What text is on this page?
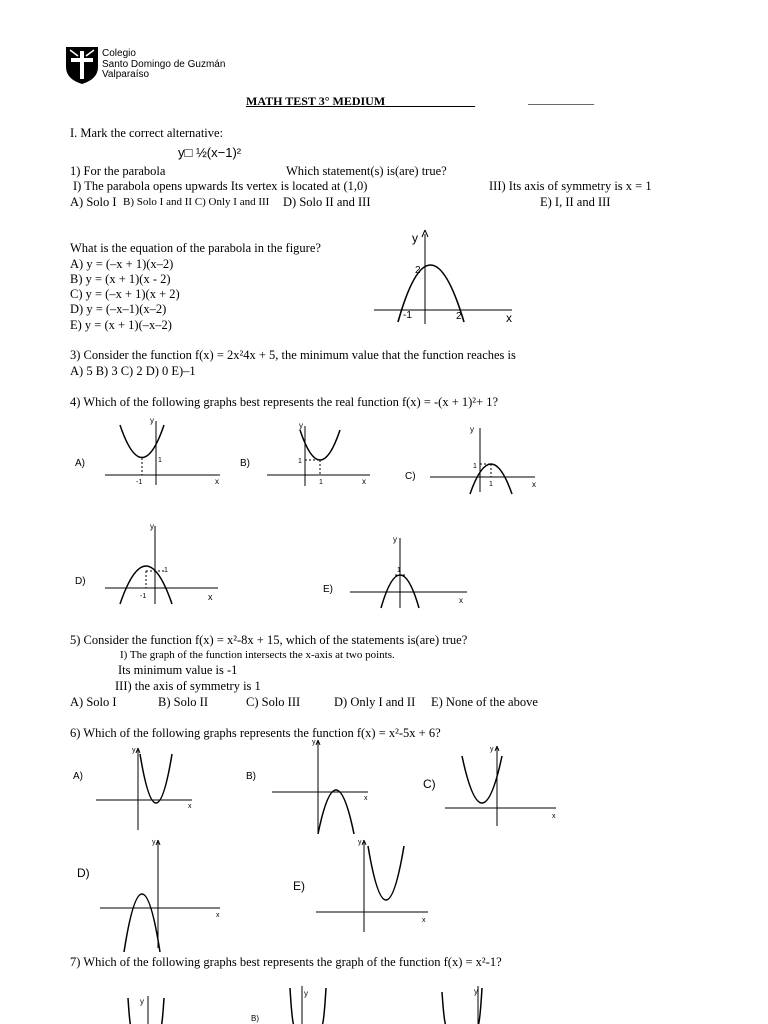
Colegio
Santo Domingo de Guzmán
Valparaíso
MATH TEST 3° MEDIUM	___________
I. Mark the correct alternative:
y□ ½(x−1)²
1) For the parabola	Which statement(s) is(are) true?
I) The parabola opens upwards Its vertex is located at (1,0)	III) Its axis of symmetry is x = 1
A) Solo I B) Solo I and II C) Only I and III D) Solo II and III	E) I, II and III
What is the equation of the parabola in the figure?
A) y = (–x + 1)(x–2)
B) y = (x + 1)(x - 2)
C) y = (–x + 1)(x + 2)
D) y = (–x–1)(x–2)
E) y = (x + 1)(–x–2)
y
x
2
-1	2
3) Consider the function f(x) = 2x²4x + 5, the minimum value that the function reaches is
A) 5 B) 3 C) 2 D) 0 E)–1
4) Which of the following graphs best represents the real function f(x) = -(x + 1)²+ 1?
A)
y
x
1
-1
B)
y
x
1
1
C)
y
x
1
1
D)
y
x
1
-1
E)
y
x
1
5) Consider the function f(x) = x²-8x + 15, which of the statements is(are) true?
I) The graph of the function intersects the x-axis at two points.
Its minimum value is -1
III) the axis of symmetry is 1
A) Solo I	B) Solo II	C) Solo III	D) Only I and II E) None of the above
6) Which of the following graphs represents the function f(x) = x²-5x + 6?
A)
y
x
B)
y
x
C)
y
x
D)
y
x
E)
y
x
7) Which of the following graphs best represents the graph of the function f(x) = x²-1?
y
B)
y	y
